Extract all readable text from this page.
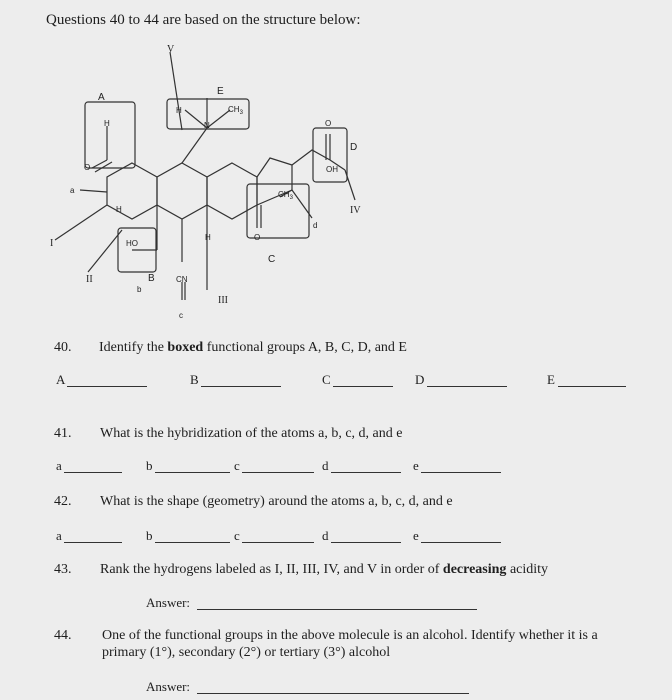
Questions 40 to 44 are based on the structure below:
A
B
C
D
E
a
b
c
d
I
II
III
IV
V
H
O
H
N
$CH_3$
H
HO
CN
H	O
$CH_3$
O
OH
40. Identify the boxed functional groups A, B, C, D, and E
A	B	C	D	E
41. What is the hybridization of the atoms a, b, c, d, and e
a	b	c	d	e
42. What is the shape (geometry) around the atoms a, b, c, d, and e
a	b	c	d	e
43. Rank the hydrogens labeled as I, II, III, IV, and V in order of decreasing acidity
Answer:
44. One of the functional groups in the above molecule is an alcohol. Identify whether it is a
primary (1°), secondary (2°) or tertiary (3°) alcohol
Answer:
